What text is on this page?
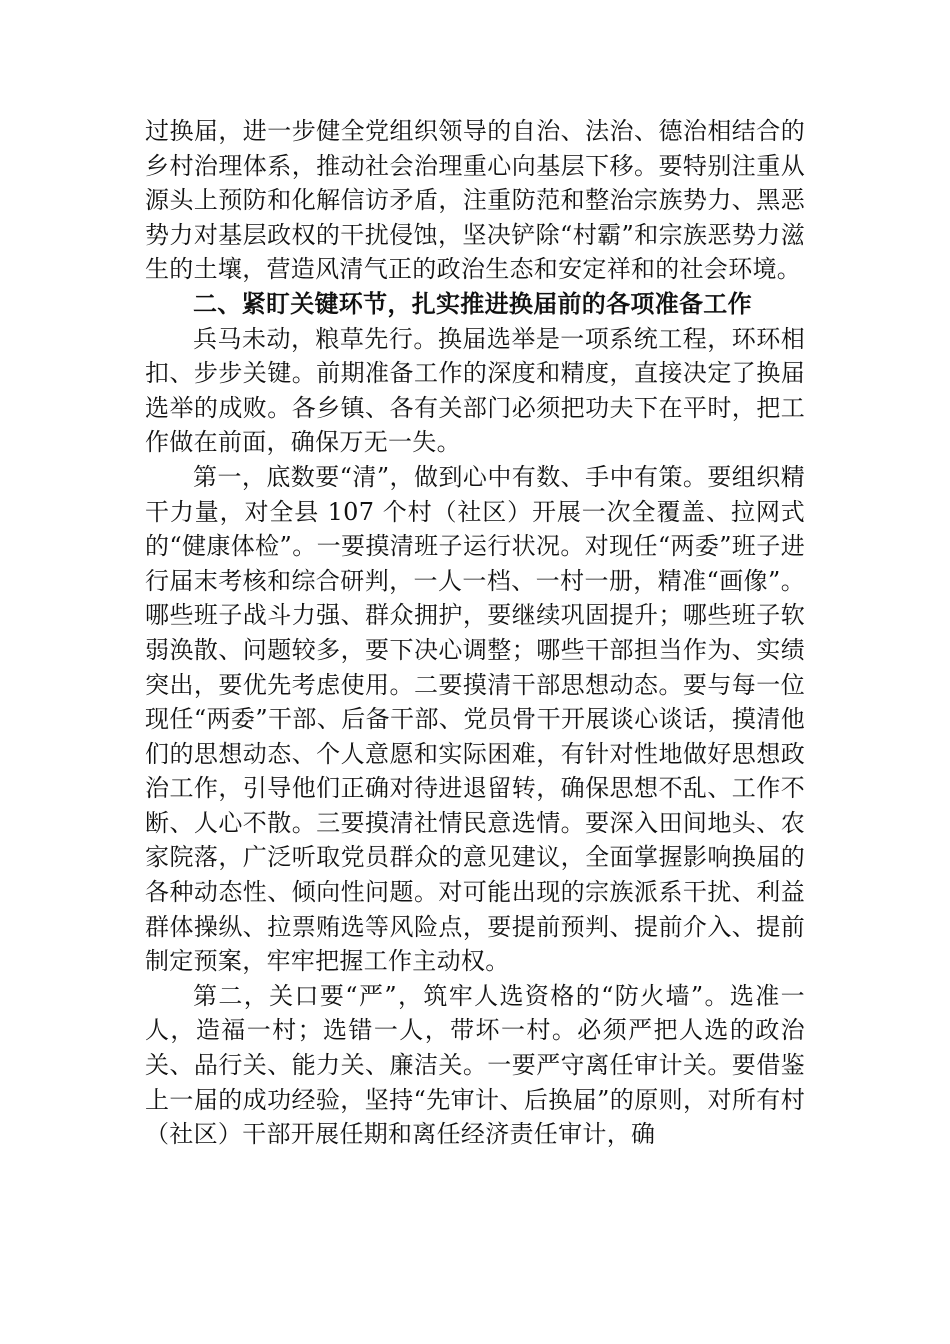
过换届，进一步健全党组织领导的自治、法治、德治相结合的乡村治理体系，推动社会治理重心向基层下移。要特别注重从源头上预防和化解信访矛盾，注重防范和整治宗族势力、黑恶势力对基层政权的干扰侵蚀，坚决铲除“村霸”和宗族恶势力滋生的土壤，营造风清气正的政治生态和安定祥和的社会环境。

二、紧盯关键环节，扎实推进换届前的各项准备工作

兵马未动，粮草先行。换届选举是一项系统工程，环环相扣、步步关键。前期准备工作的深度和精度，直接决定了换届选举的成败。各乡镇、各有关部门必须把功夫下在平时，把工作做在前面，确保万无一失。

第一，底数要“清”，做到心中有数、手中有策。要组织精干力量，对全县 107 个村（社区）开展一次全覆盖、拉网式的“健康体检”。一要摸清班子运行状况。对现任“两委”班子进行届末考核和综合研判，一人一档、一村一册，精准“画像”。哪些班子战斗力强、群众拥护，要继续巩固提升；哪些班子软弱涣散、问题较多，要下决心调整；哪些干部担当作为、实绩突出，要优先考虑使用。二要摸清干部思想动态。要与每一位现任“两委”干部、后备干部、党员骨干开展谈心谈话，摸清他们的思想动态、个人意愿和实际困难，有针对性地做好思想政治工作，引导他们正确对待进退留转，确保思想不乱、工作不断、人心不散。三要摸清社情民意选情。要深入田间地头、农家院落，广泛听取党员群众的意见建议，全面掌握影响换届的各种动态性、倾向性问题。对可能出现的宗族派系干扰、利益群体操纵、拉票贿选等风险点，要提前预判、提前介入、提前制定预案，牢牢把握工作主动权。

第二，关口要“严”，筑牢人选资格的“防火墙”。选准一人，造福一村；选错一人，带坏一村。必须严把人选的政治关、品行关、能力关、廉洁关。一要严守离任审计关。要借鉴上一届的成功经验，坚持“先审计、后换届”的原则，对所有村（社区）干部开展任期和离任经济责任审计，确
